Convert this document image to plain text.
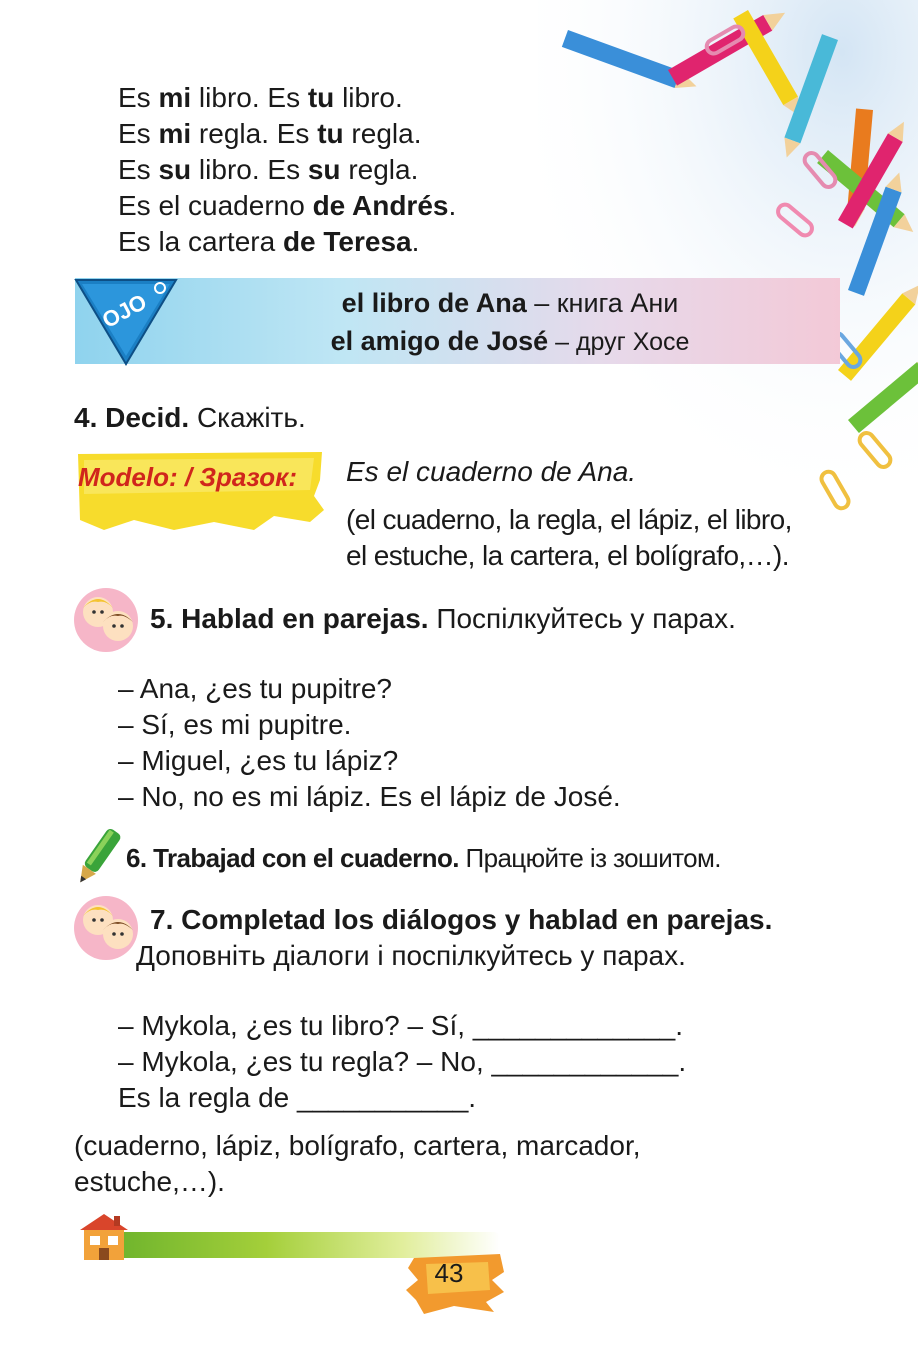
Es mi libro. Es tu libro.
Es mi regla. Es tu regla.
Es su libro. Es su regla.
Es el cuaderno de Andrés.
Es la cartera de Teresa.
OJO	el libro de Ana – книга Ани
el amigo de José – друг Хосе
4. Decid. Скажіть.
Modelo: / Зразок:	Es el cuaderno de Ana.
(el cuaderno, la regla, el lápiz, el libro,
el estuche, la cartera, el bolígrafo,…).
5. Hablad en parejas. Поспілкуйтесь у парах.
– Ana, ¿es tu pupitre?
– Sí, es mi pupitre.
– Miguel, ¿es tu lápiz?
– No, no es mi lápiz. Es el lápiz de José.
6. Trabajad con el cuaderno. Працюйте із зошитом.
7. Completad los diálogos y hablad en parejas.
Доповніть діалоги і поспілкуйтесь у парах.
– Mykola, ¿es tu libro? – Sí, _____________.
– Mykola, ¿es tu regla? – No, ____________.
Es la regla de ___________.
(cuaderno, lápiz, bolígrafo, cartera, marcador,
estuche,…).
43
